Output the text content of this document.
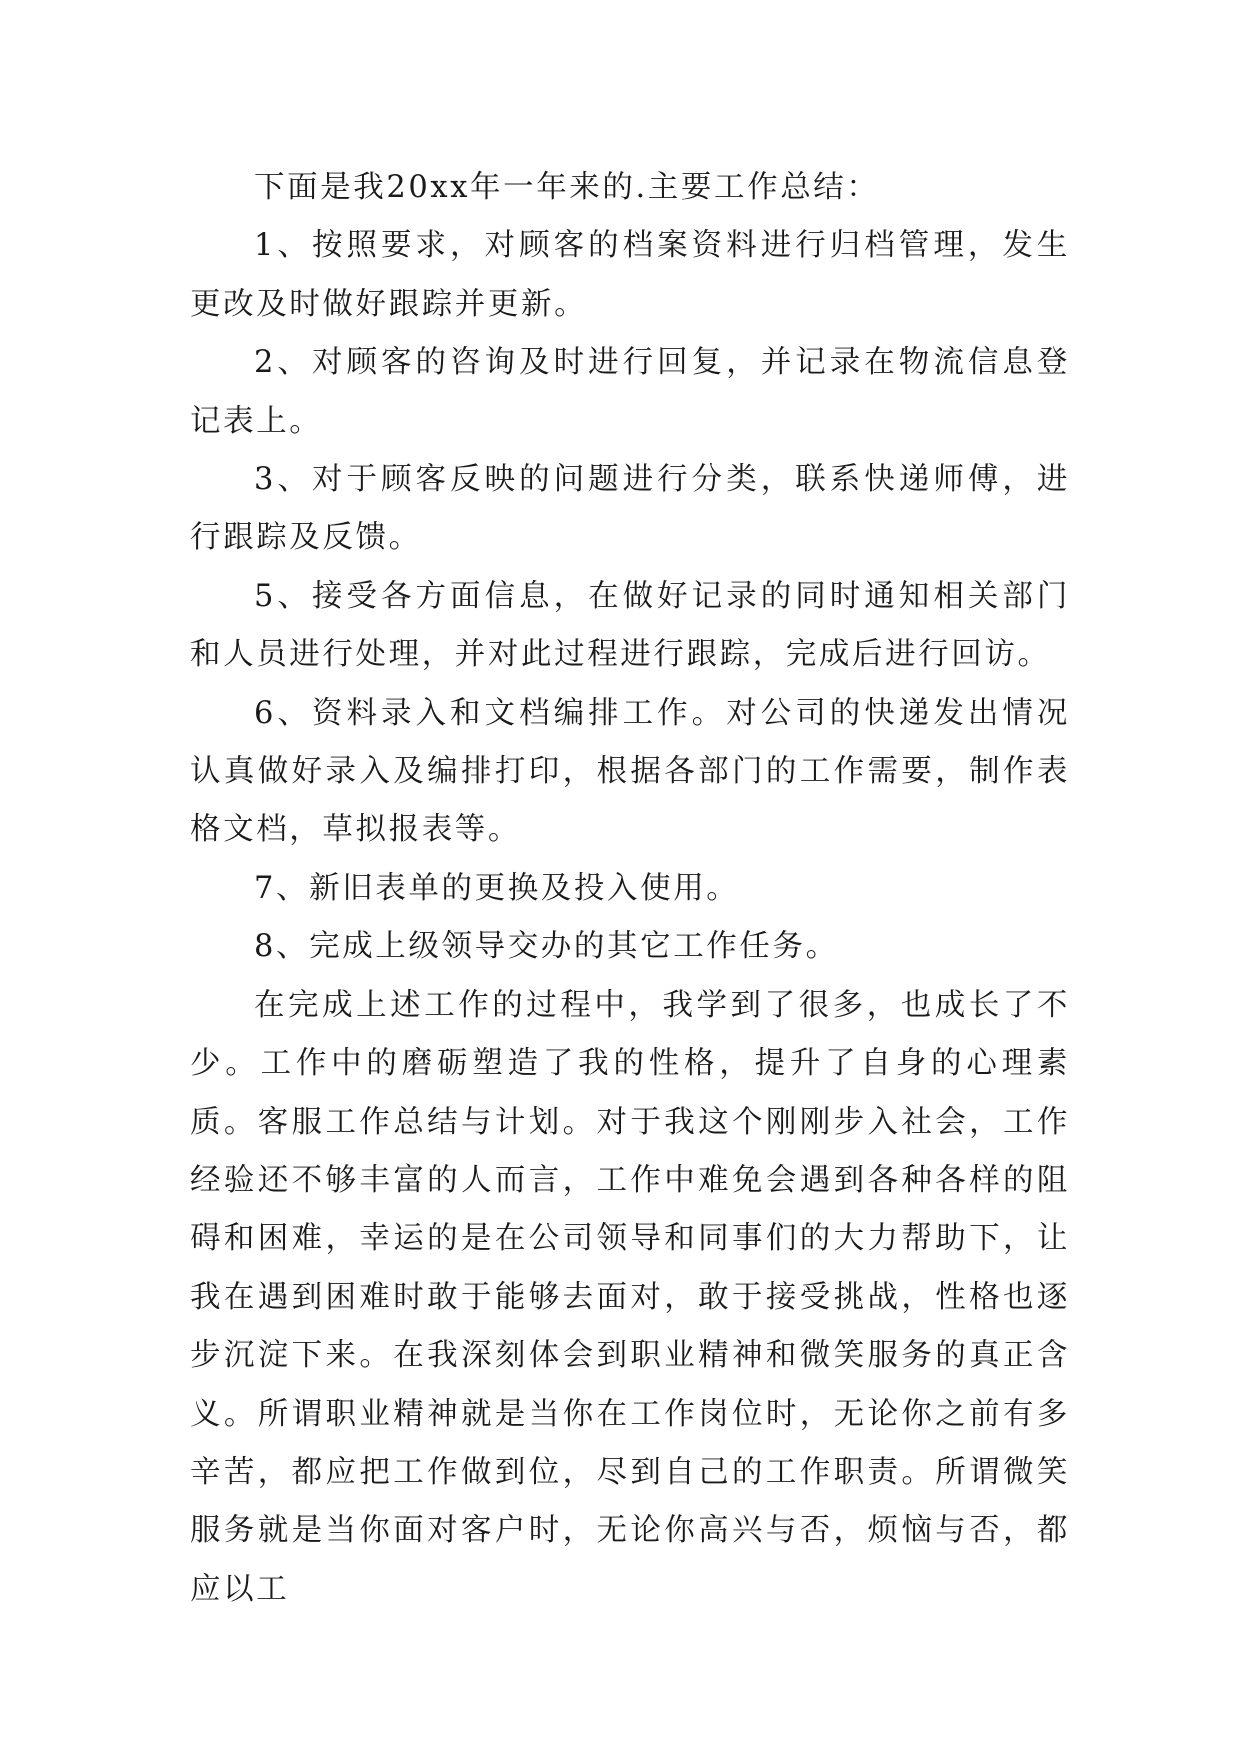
下面是我20xx年一年来的.主要工作总结：

1、按照要求，对顾客的档案资料进行归档管理，发生更改及时做好跟踪并更新。

2、对顾客的咨询及时进行回复，并记录在物流信息登记表上。

3、对于顾客反映的问题进行分类，联系快递师傅，进行跟踪及反馈。

5、接受各方面信息，在做好记录的同时通知相关部门和人员进行处理，并对此过程进行跟踪，完成后进行回访。

6、资料录入和文档编排工作。对公司的快递发出情况认真做好录入及编排打印，根据各部门的工作需要，制作表格文档，草拟报表等。

7、新旧表单的更换及投入使用。

8、完成上级领导交办的其它工作任务。

在完成上述工作的过程中，我学到了很多，也成长了不少。工作中的磨砺塑造了我的性格，提升了自身的心理素质。客服工作总结与计划。对于我这个刚刚步入社会，工作经验还不够丰富的人而言，工作中难免会遇到各种各样的阻碍和困难，幸运的是在公司领导和同事们的大力帮助下，让我在遇到困难时敢于能够去面对，敢于接受挑战，性格也逐步沉淀下来。在我深刻体会到职业精神和微笑服务的真正含义。所谓职业精神就是当你在工作岗位时，无论你之前有多辛苦，都应把工作做到位，尽到自己的工作职责。所谓微笑服务就是当你面对客户时，无论你高兴与否，烦恼与否，都应以工
